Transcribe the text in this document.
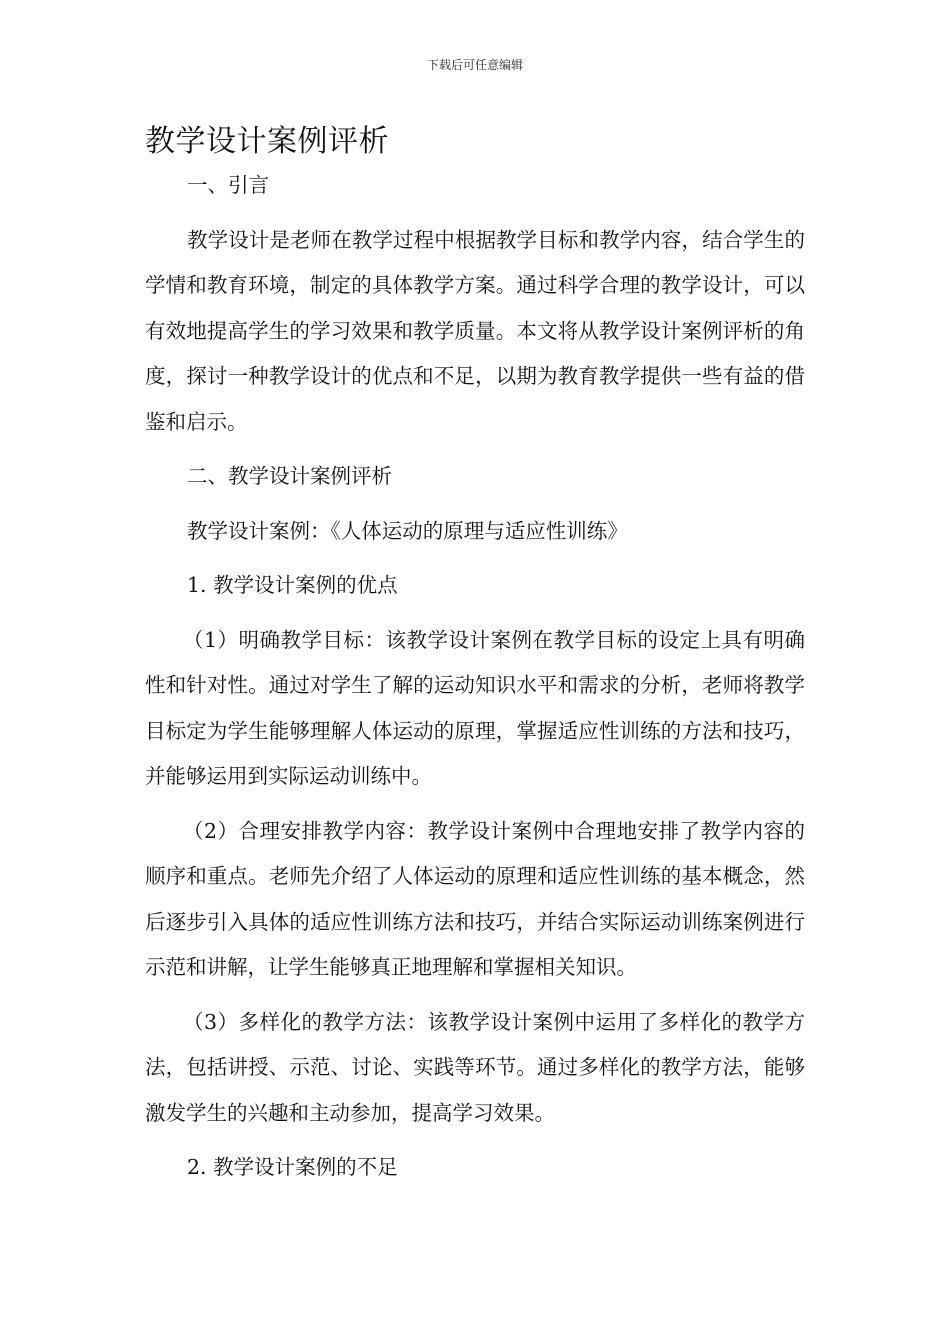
下载后可任意编辑
教学设计案例评析

一、引言

教学设计是老师在教学过程中根据教学目标和教学内容，结合学生的学情和教育环境，制定的具体教学方案。通过科学合理的教学设计，可以有效地提高学生的学习效果和教学质量。本文将从教学设计案例评析的角度，探讨一种教学设计的优点和不足，以期为教育教学提供一些有益的借鉴和启示。

二、教学设计案例评析

教学设计案例：《人体运动的原理与适应性训练》

1. 教学设计案例的优点

（1）明确教学目标：该教学设计案例在教学目标的设定上具有明确性和针对性。通过对学生了解的运动知识水平和需求的分析，老师将教学目标定为学生能够理解人体运动的原理，掌握适应性训练的方法和技巧，并能够运用到实际运动训练中。

（2）合理安排教学内容：教学设计案例中合理地安排了教学内容的顺序和重点。老师先介绍了人体运动的原理和适应性训练的基本概念，然后逐步引入具体的适应性训练方法和技巧，并结合实际运动训练案例进行示范和讲解，让学生能够真正地理解和掌握相关知识。

（3）多样化的教学方法：该教学设计案例中运用了多样化的教学方法，包括讲授、示范、讨论、实践等环节。通过多样化的教学方法，能够激发学生的兴趣和主动参加，提高学习效果。

2. 教学设计案例的不足
